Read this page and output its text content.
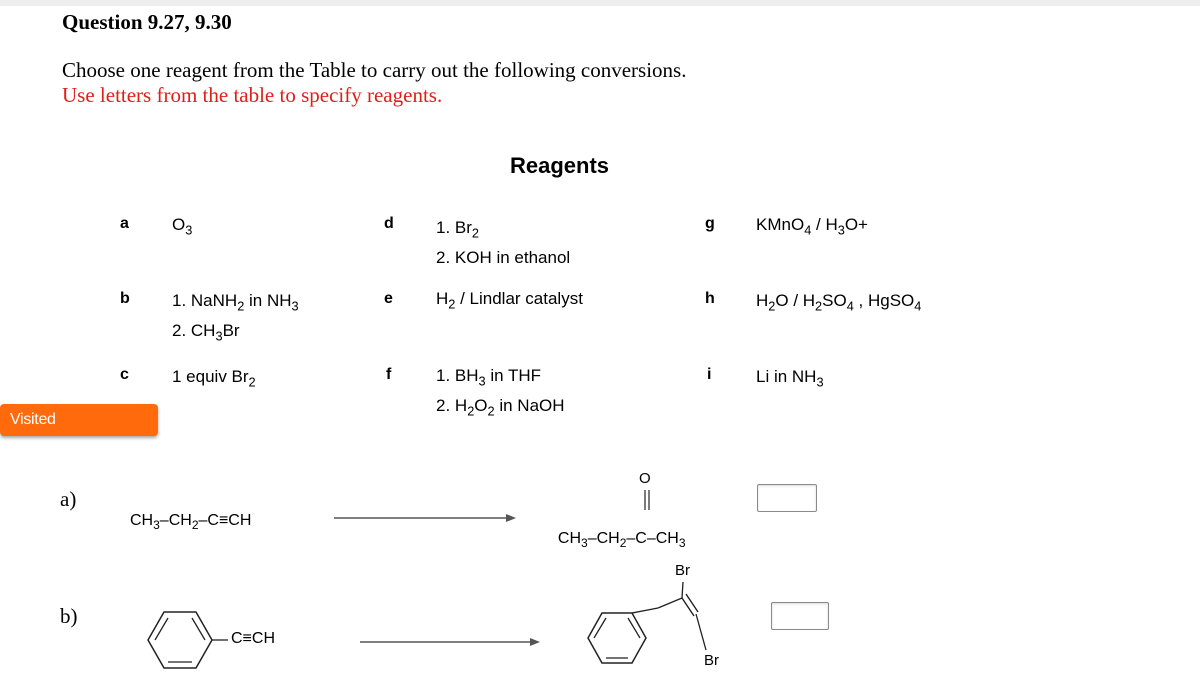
Question 9.27, 9.30
Choose one reagent from the Table to carry out the following conversions.
Use letters from the table to specify reagents.
Reagents
a
b
c
d
e
f
g
h
i
$O_3$
1. NaNH$_2$ in $NH_3$
2. $CH_3Br$
1 equiv $Br_2$
1. $Br_2$
2. KOH in ethanol
$H_2$ / Lindlar catalyst
1. $BH_3$ in THF
2. $H_2O_2$ in NaOH
KMnO$_4$ / $H_3O+$
$H_2O / H_2SO_4$ , HgSO$_4$
Li in $NH_3$
Visited
a)
$CH_3-CH_2-C\equiv CH$

$CH_3-CH_2-C-CH_3$

O
b)
C≡CH
Br
Br
